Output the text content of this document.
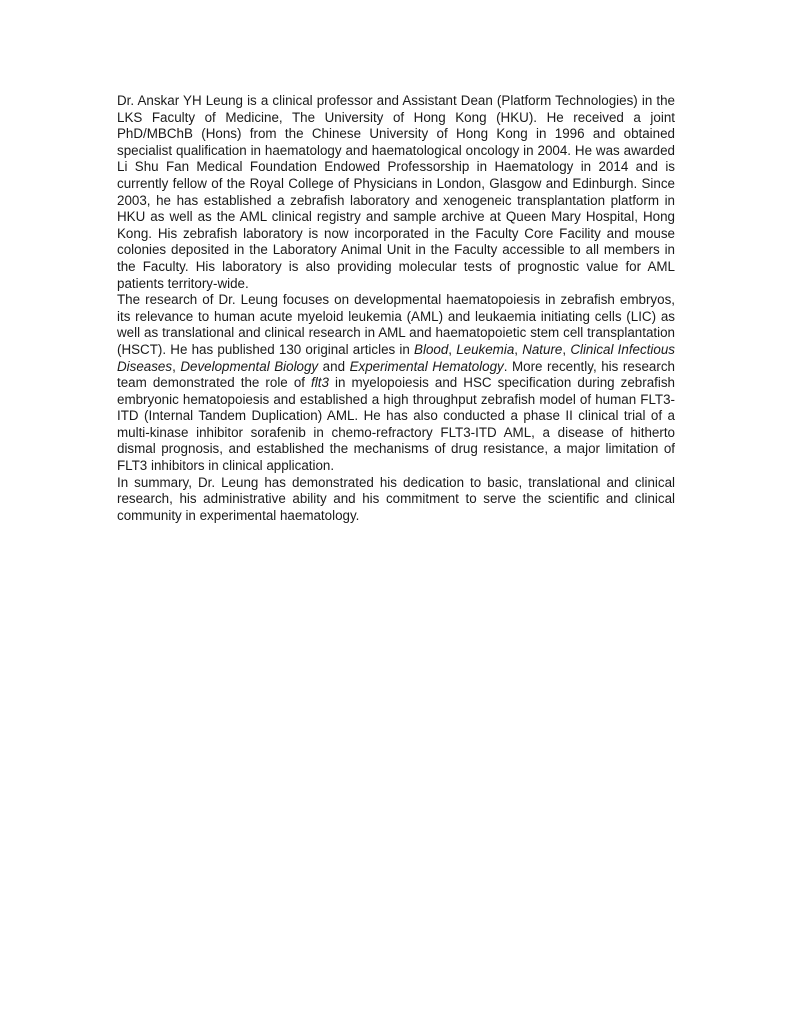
Dr. Anskar YH Leung is a clinical professor and Assistant Dean (Platform Technologies) in the LKS Faculty of Medicine, The University of Hong Kong (HKU). He received a joint PhD/MBChB (Hons) from the Chinese University of Hong Kong in 1996 and obtained specialist qualification in haematology and haematological oncology in 2004. He was awarded Li Shu Fan Medical Foundation Endowed Professorship in Haematology in 2014 and is currently fellow of the Royal College of Physicians in London, Glasgow and Edinburgh. Since 2003, he has established a zebrafish laboratory and xenogeneic transplantation platform in HKU as well as the AML clinical registry and sample archive at Queen Mary Hospital, Hong Kong. His zebrafish laboratory is now incorporated in the Faculty Core Facility and mouse colonies deposited in the Laboratory Animal Unit in the Faculty accessible to all members in the Faculty. His laboratory is also providing molecular tests of prognostic value for AML patients territory-wide.

The research of Dr. Leung focuses on developmental haematopoiesis in zebrafish embryos, its relevance to human acute myeloid leukemia (AML) and leukaemia initiating cells (LIC) as well as translational and clinical research in AML and haematopoietic stem cell transplantation (HSCT). He has published 130 original articles in Blood, Leukemia, Nature, Clinical Infectious Diseases, Developmental Biology and Experimental Hematology. More recently, his research team demonstrated the role of flt3 in myelopoiesis and HSC specification during zebrafish embryonic hematopoiesis and established a high throughput zebrafish model of human FLT3-ITD (Internal Tandem Duplication) AML. He has also conducted a phase II clinical trial of a multi-kinase inhibitor sorafenib in chemo-refractory FLT3-ITD AML, a disease of hitherto dismal prognosis, and established the mechanisms of drug resistance, a major limitation of FLT3 inhibitors in clinical application.

In summary, Dr. Leung has demonstrated his dedication to basic, translational and clinical research, his administrative ability and his commitment to serve the scientific and clinical community in experimental haematology.
